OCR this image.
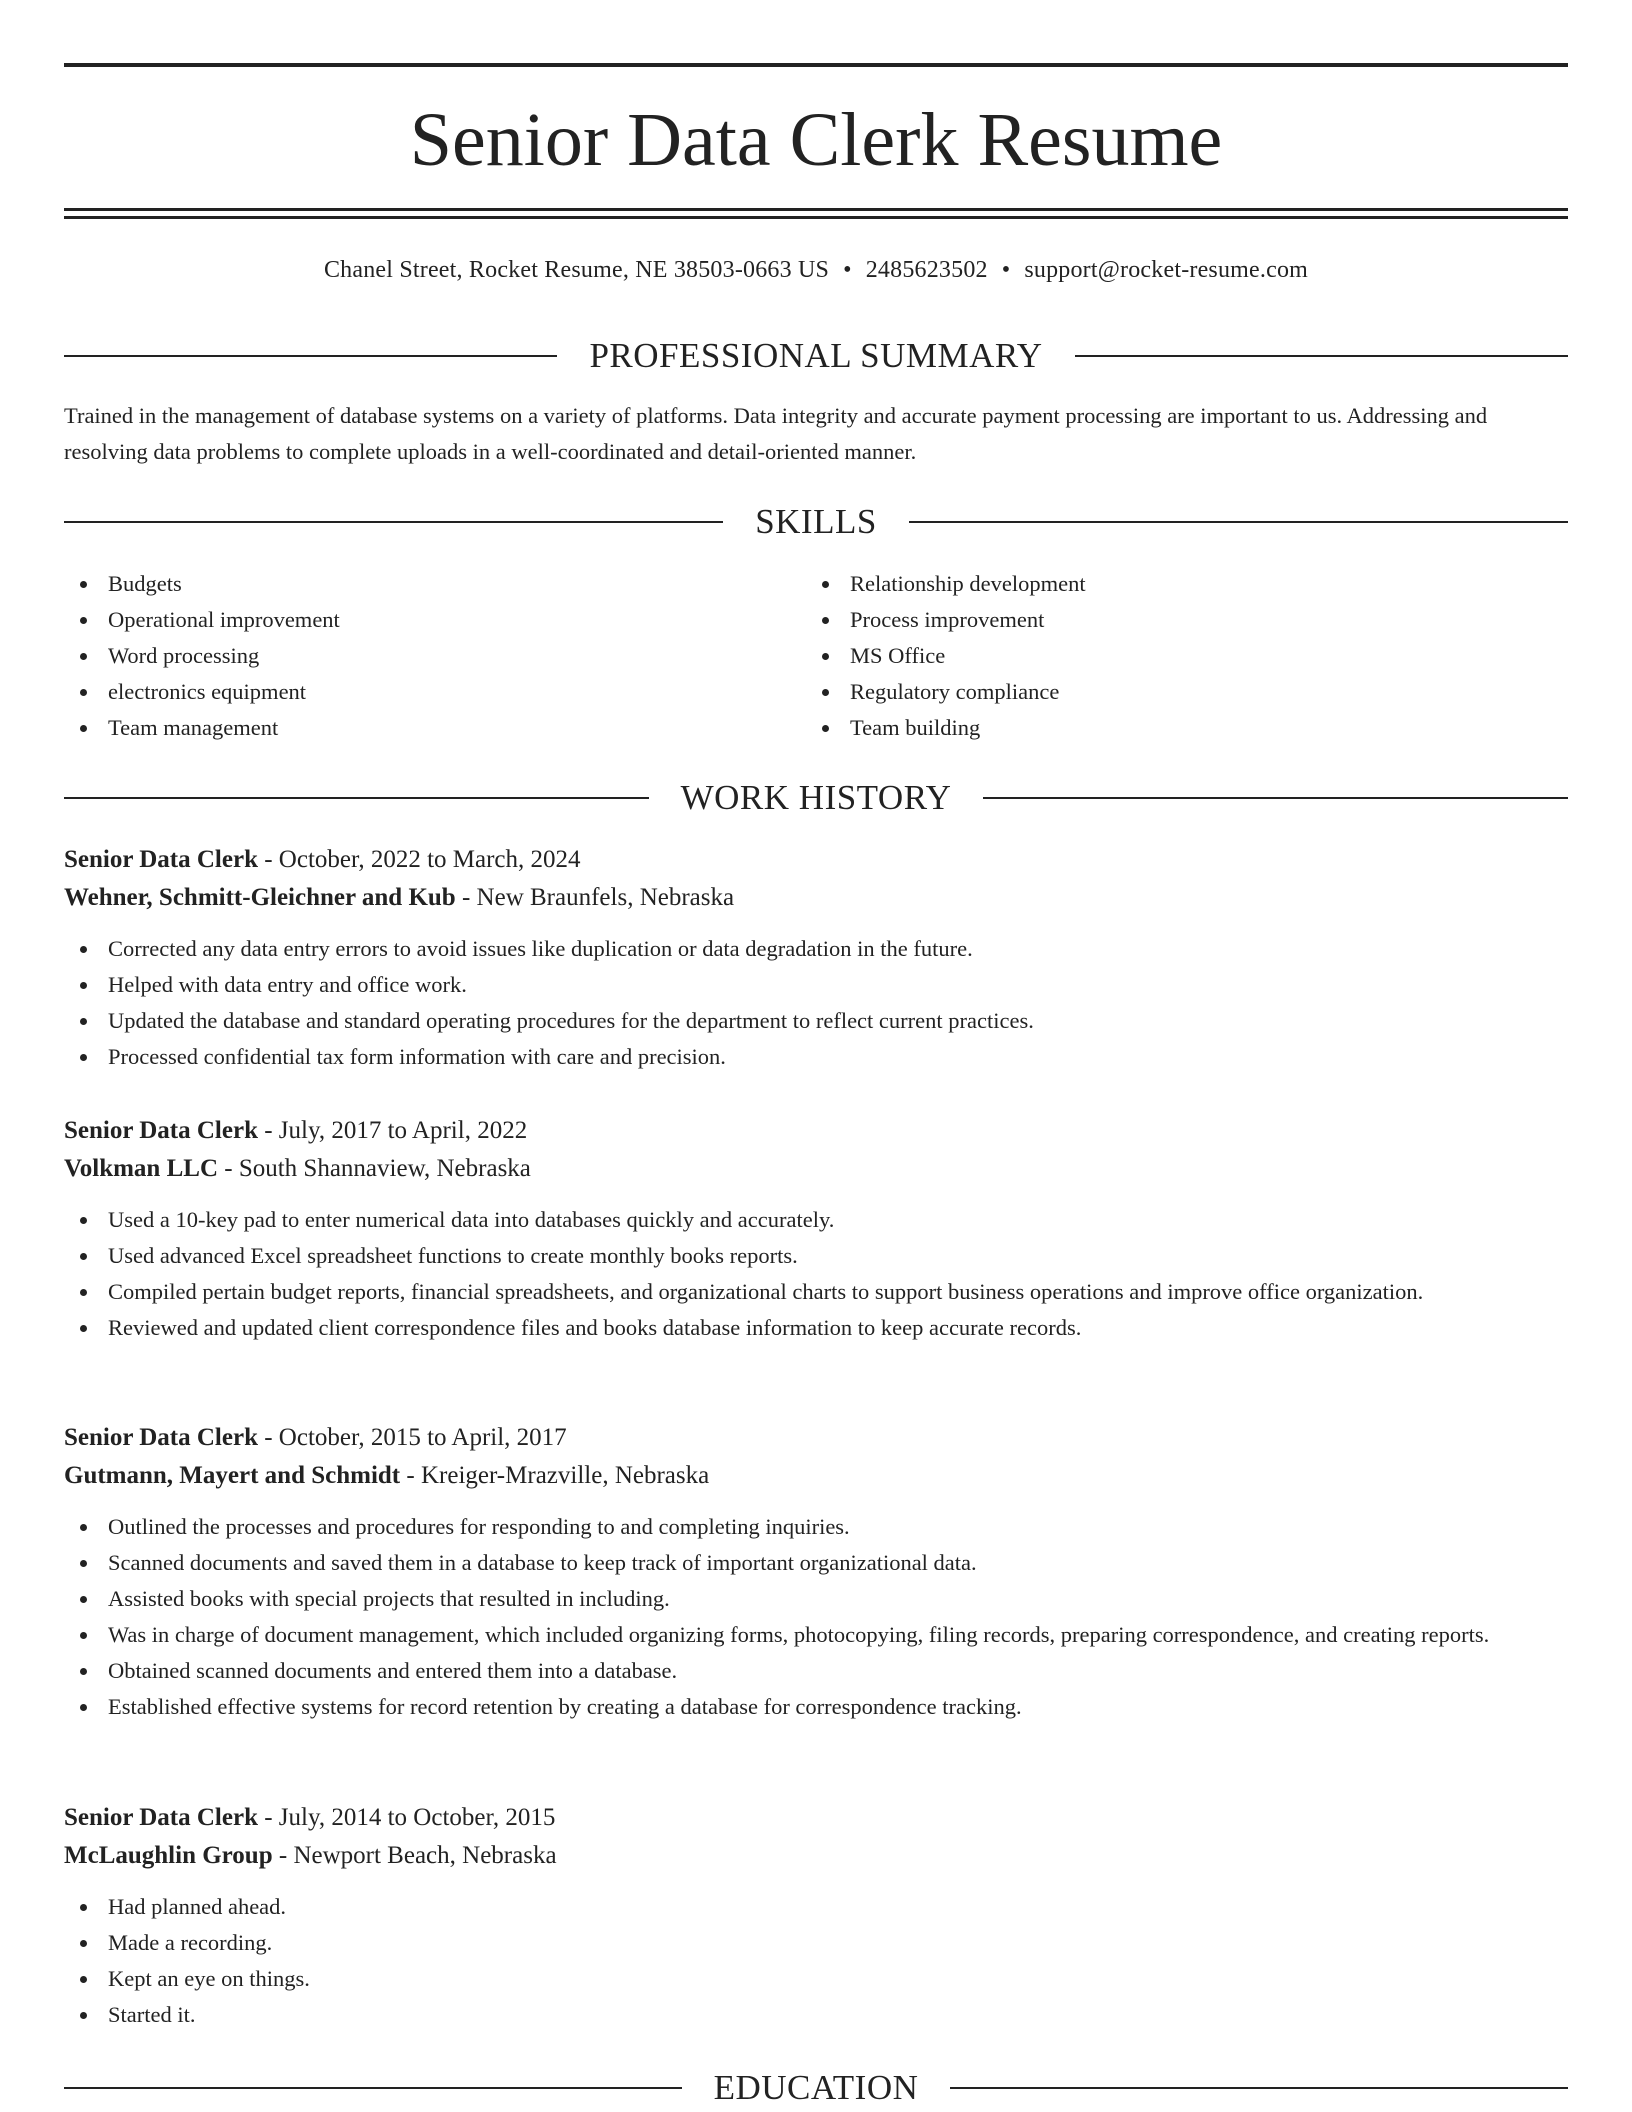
Senior Data Clerk Resume
Chanel Street, Rocket Resume, NE 38503-0663 US • 2485623502 • support@rocket-resume.com
PROFESSIONAL SUMMARY

Trained in the management of database systems on a variety of platforms. Data integrity and accurate payment processing are important to us. Addressing and resolving data problems to complete uploads in a well-coordinated and detail-oriented manner.

SKILLS
Budgets
Operational improvement
Word processing
electronics equipment
Team management
Relationship development
Process improvement
MS Office
Regulatory compliance
Team building
WORK HISTORY
Senior Data Clerk - October, 2022 to March, 2024
Wehner, Schmitt-Gleichner and Kub - New Braunfels, Nebraska
Corrected any data entry errors to avoid issues like duplication or data degradation in the future.
Helped with data entry and office work.
Updated the database and standard operating procedures for the department to reflect current practices.
Processed confidential tax form information with care and precision.
Senior Data Clerk - July, 2017 to April, 2022
Volkman LLC - South Shannaview, Nebraska
Used a 10-key pad to enter numerical data into databases quickly and accurately.
Used advanced Excel spreadsheet functions to create monthly books reports.
Compiled pertain budget reports, financial spreadsheets, and organizational charts to support business operations and improve office organization.
Reviewed and updated client correspondence files and books database information to keep accurate records.
Senior Data Clerk - October, 2015 to April, 2017
Gutmann, Mayert and Schmidt - Kreiger-Mrazville, Nebraska
Outlined the processes and procedures for responding to and completing inquiries.
Scanned documents and saved them in a database to keep track of important organizational data.
Assisted books with special projects that resulted in including.
Was in charge of document management, which included organizing forms, photocopying, filing records, preparing correspondence, and creating reports.
Obtained scanned documents and entered them into a database.
Established effective systems for record retention by creating a database for correspondence tracking.
Senior Data Clerk - July, 2014 to October, 2015
McLaughlin Group - Newport Beach, Nebraska
Had planned ahead.
Made a recording.
Kept an eye on things.
Started it.
EDUCATION
